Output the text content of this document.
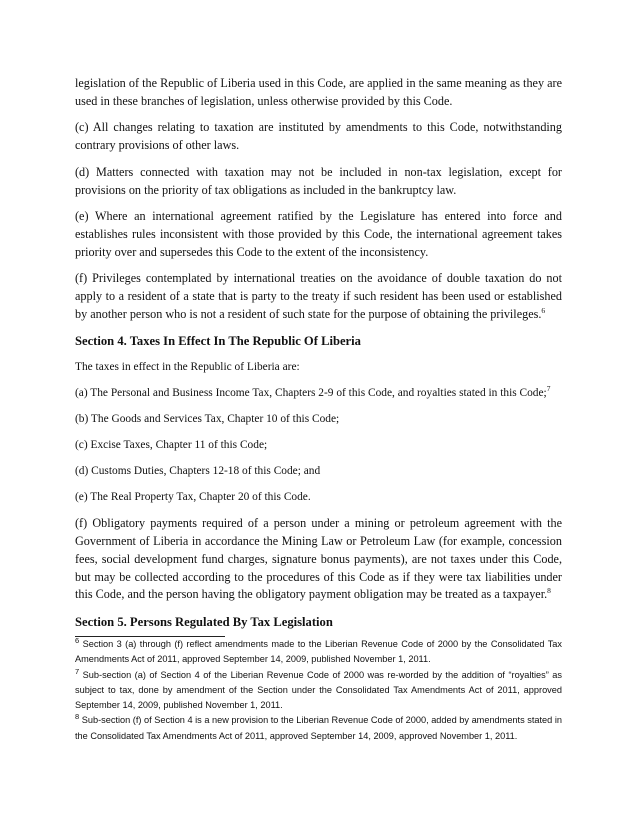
legislation of the Republic of Liberia used in this Code, are applied in the same meaning as they are used in these branches of legislation, unless otherwise provided by this Code.

(c) All changes relating to taxation are instituted by amendments to this Code, notwithstanding contrary provisions of other laws.

(d) Matters connected with taxation may not be included in non-tax legislation, except for provisions on the priority of tax obligations as included in the bankruptcy law.

(e) Where an international agreement ratified by the Legislature has entered into force and establishes rules inconsistent with those provided by this Code, the international agreement takes priority over and supersedes this Code to the extent of the inconsistency.

(f) Privileges contemplated by international treaties on the avoidance of double taxation do not apply to a resident of a state that is party to the treaty if such resident has been used or established by another person who is not a resident of such state for the purpose of obtaining the privileges.$^6$

Section 4. Taxes In Effect In The Republic Of Liberia

The taxes in effect in the Republic of Liberia are:

(a) The Personal and Business Income Tax, Chapters 2-9 of this Code, and royalties stated in this Code;$^7$

(b) The Goods and Services Tax, Chapter 10 of this Code;

(c) Excise Taxes, Chapter 11 of this Code;

(d) Customs Duties, Chapters 12-18 of this Code; and

(e) The Real Property Tax, Chapter 20 of this Code.

(f) Obligatory payments required of a person under a mining or petroleum agreement with the Government of Liberia in accordance the Mining Law or Petroleum Law (for example, concession fees, social development fund charges, signature bonus payments), are not taxes under this Code, but may be collected according to the procedures of this Code as if they were tax liabilities under this Code, and the person having the obligatory payment obligation may be treated as a taxpayer.$^8$

Section 5. Persons Regulated By Tax Legislation

$^6$ Section 3 (a) through (f) reflect amendments made to the Liberian Revenue Code of 2000 by the Consolidated Tax Amendments Act of 2011, approved September 14, 2009, published November 1, 2011.

$^7$ Sub-section (a) of Section 4 of the Liberian Revenue Code of 2000 was re-worded by the addition of “royalties” as subject to tax, done by amendment of the Section under the Consolidated Tax Amendments Act of 2011, approved September 14, 2009, published November 1, 2011.

$^8$ Sub-section (f) of Section 4 is a new provision to the Liberian Revenue Code of 2000, added by amendments stated in the Consolidated Tax Amendments Act of 2011, approved September 14, 2009, approved November 1, 2011.
